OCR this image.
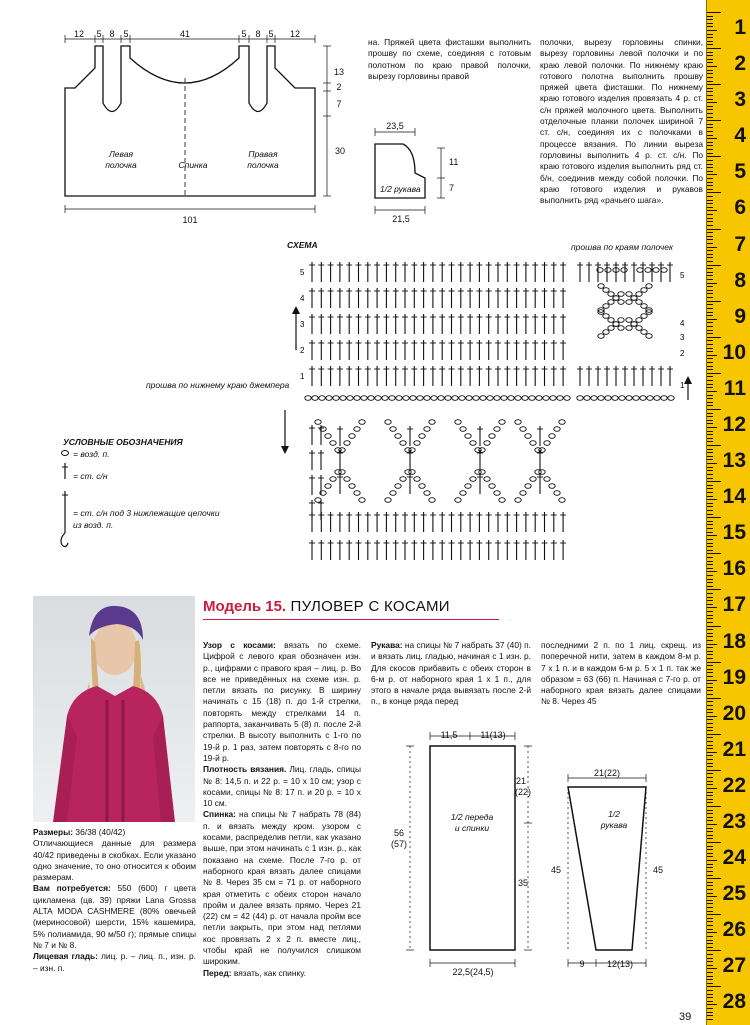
12 5 8 5	41	5 8 5 12
101
13
2
7
30
Левая
полочка	Спинка
Правая
полочка
23,5
21,5
11
7
1/2 рукава
на. Пряжей цвета фисташки выполнить прошву по схеме, соединяя с готовым полотном по краю правой полочки, вырезу горловины правой
полочки, вырезу горловины спинки, вырезу горловины левой полочки и по краю левой полочки. По нижнему краю готового полотна выполнить прошву пряжей цвета фисташки. По нижнему краю готового изделия провязать 4 р. ст. с/н пряжей молочного цвета. Выполнить отделочные планки полочек шириной 7 ст. с/н, соединяя их с полочками в процессе вязания. По линии выреза горловины выполнить 4 р. ст. с/н. По краю готового изделия выполнить ряд ст. б/н, соединив между собой полочки. По краю готового изделия и рукавов выполнить ряд «рачьего шага».
СХЕМА	прошва по краям полочек
прошва по нижнему краю джемпера
5
4
3
2
1
5
4
3
2
1
УСЛОВНЫЕ ОБОЗНАЧЕНИЯ
= возд. п.
= ст. с/н
= ст. с/н под 3 нижлежащие цепочки
из возд. п.
Модель 15. ПУЛОВЕР С КОСАМИ

Размеры: 36/38 (40/42)

Отличающиеся данные для размера 40/42 приведены в скобках. Если указано одно значение, то оно относится к обоим размерам.

Вам потребуется: 550 (600) г цвета цикламена (цв. 39) пряжи Lana Grossa ALTA MODA CASHMERE (80% овечьей (мериносовой) шерсти, 15% кашемира, 5% полиамида, 90 м/50 г); прямые спицы № 7 и № 8.

Лицевая гладь: лиц. р. – лиц. п., изн. р. – изн. п.

Узор с косами: вязать по схеме. Цифрой с левого края обозначен изн. р., цифрами с правого края – лиц. р. Во все не приведённых на схеме изн. р. петли вязать по рисунку. В ширину начинать с 15 (18) п. до 1-й стрелки, повторять между стрелками 14 п. раппорта, заканчивать 5 (8) п. после 2-й стрелки. В высоту выполнить с 1-го по 19-й р. 1 раз, затем повторять с 8-го по 19-й р.

Плотность вязания. Лиц. гладь, спицы № 8: 14,5 п. и 22 р. = 10 х 10 см; узор с косами, спицы № 8: 17 п. и 20 р. = 10 х 10 см.

Спинка: на спицы № 7 набрать 78 (84) п. и вязать между кром. узором с косами, распределив петли, как указано выше, при этом начинать с 1 изн. р., как показано на схеме. После 7-го р. от наборного края вязать далее спицами № 8. Через 35 см = 71 р. от наборного края отметить с обеих сторон начало пройм и далее вязать прямо. Через 21 (22) см = 42 (44) р. от начала пройм все петли закрыть, при этом над петлями кос провязать 2 х 2 п. вместе лиц., чтобы край не получился слишком широким.

Перед: вязать, как спинку.

Рукава: на спицы № 7 набрать 37 (40) п. и вязать лиц. гладью, начиная с 1 изн. р. Для скосов прибавить с обеих сторон в 6-м р. от наборного края 1 х 1 п., для этого в начале ряда вывязать после 2-й п., в конце ряда перед

последними 2 п. по 1 лиц. скрещ. из поперечной нити, затем в каждом 8-м р. 7 х 1 п. и в каждом 6-м р. 5 х 1 п. так же образом = 63 (66) п. Начиная с 7-го р. от наборного края вязать далее спицами № 8. Через 45

11,5	11(13)
21
(22)
35
56
(57)
22,5(24,5)
1/2 переда
и спинки
21(22)
45	45
9 12(13)
1/2
рукава
39
1
2
3
4
5
6
7
8
9
10
11
12
13
14
15
16
17
18
19
20
21
22
23
24
25
26
27
28
